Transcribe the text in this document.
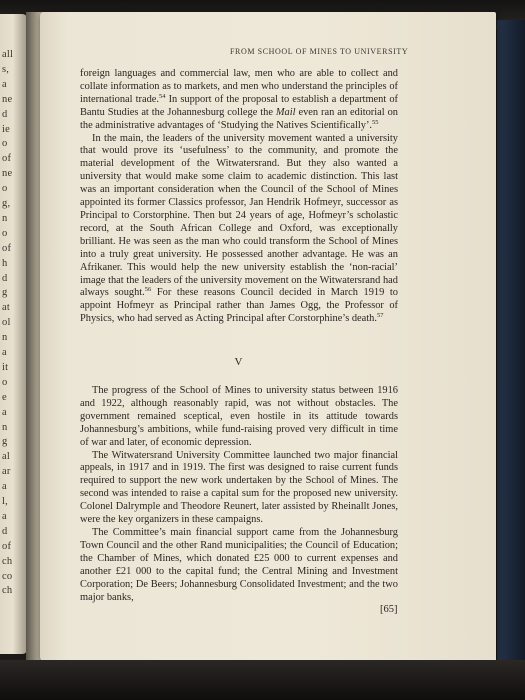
all
s,
a
ne
d
ie
o
of
ne
o
g,
n
o
of
h
d
g
at
ol
n
a
it
o
e
a
n
g
al
ar
a
l,
a
d
of
ch
co
ch
FROM SCHOOL OF MINES TO UNIVERSITY

foreign languages and commercial law, men who are able to collect and collate information as to markets, and men who understand the principles of international trade.$^{54}$ In support of the proposal to establish a department of Bantu Studies at the Johannesburg college the Mail even ran an editorial on the administrative advantages of ‘Studying the Natives Scientifically’.$^{55}$

In the main, the leaders of the university movement wanted a university that would prove its ‘usefulness’ to the community, and promote the material development of the Witwatersrand. But they also wanted a university that would make some claim to academic distinction. This last was an important consideration when the Council of the School of Mines appointed its former Classics professor, Jan Hendrik Hofmeyr, successor as Principal to Corstorphine. Then but 24 years of age, Hofmeyr’s scholastic record, at the South African College and Oxford, was exceptionally brilliant. He was seen as the man who could transform the School of Mines into a truly great university. He possessed another advantage. He was an Afrikaner. This would help the new university establish the ‘non-racial’ image that the leaders of the university movement on the Witwatersrand had always sought.$^{56}$ For these reasons Council decided in March 1919 to appoint Hofmeyr as Principal rather than James Ogg, the Professor of Physics, who had served as Acting Principal after Corstorphine’s death.$^{57}$

V

The progress of the School of Mines to university status between 1916 and 1922, although reasonably rapid, was not without obstacles. The government remained sceptical, even hostile in its attitude towards Johannesburg’s ambitions, while fund-raising proved very difficult in time of war and later, of economic depression.

The Witwatersrand University Committee launched two major financial appeals, in 1917 and in 1919. The first was designed to raise current funds required to support the new work undertaken by the School of Mines. The second was intended to raise a capital sum for the proposed new university. Colonel Dalrymple and Theodore Reunert, later assisted by Rheinallt Jones, were the key organizers in these campaigns.

The Committee’s main financial support came from the Johannesburg Town Council and the other Rand municipalities; the Council of Education; the Chamber of Mines, which donated £25 000 to current expenses and another £21 000 to the capital fund; the Central Mining and Investment Corporation; De Beers; Johannesburg Consolidated Investment; and the two major banks,

[65]
